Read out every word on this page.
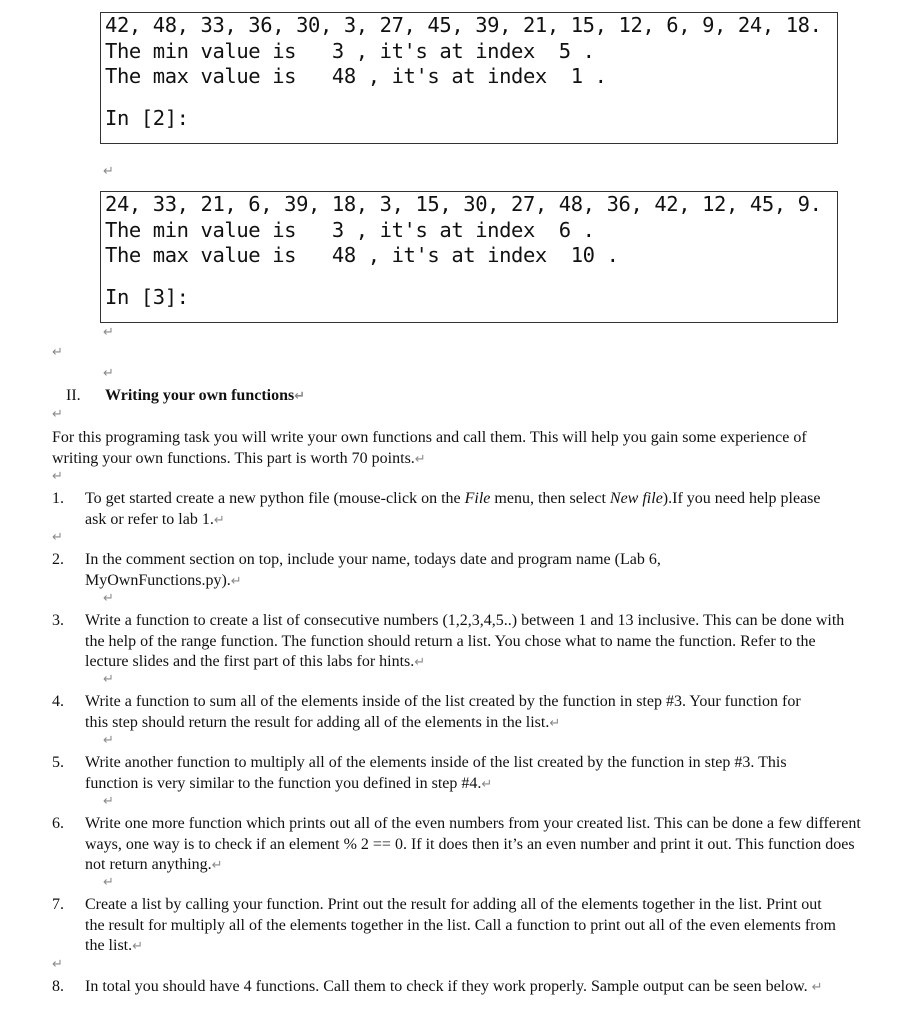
42, 48, 33, 36, 30, 3, 27, 45, 39, 21, 15, 12, 6, 9, 24, 18.
The min value is   3 , it's at index  5 .
The max value is   48 , it's at index  1 .
In [2]:
↵
24, 33, 21, 6, 39, 18, 3, 15, 30, 27, 48, 36, 42, 12, 45, 9.
The min value is   3 , it's at index  6 .
The max value is   48 , it's at index  10 .
In [3]:
↵
↵
↵
II. Writing your own functions↵
↵
For this programing task you will write your own functions and call them. This will help you gain some experience of writing your own functions. This part is worth 70 points.↵
↵
1. To get started create a new python file (mouse-click on the File menu, then select New file).If you need help please ask or refer to lab 1.↵
↵
2. In the comment section on top, include your name, todays date and program name (Lab 6, MyOwnFunctions.py).↵
↵
3. Write a function to create a list of consecutive numbers (1,2,3,4,5..) between 1 and 13 inclusive. This can be done with the help of the range function. The function should return a list. You chose what to name the function. Refer to the lecture slides and the first part of this labs for hints.↵
↵
4. Write a function to sum all of the elements inside of the list created by the function in step #3. Your function for this step should return the result for adding all of the elements in the list.↵
↵
5. Write another function to multiply all of the elements inside of the list created by the function in step #3. This function is very similar to the function you defined in step #4.↵
↵
6. Write one more function which prints out all of the even numbers from your created list. This can be done a few different ways, one way is to check if an element % 2 == 0. If it does then it’s an even number and print it out. This function does not return anything.↵
↵
7. Create a list by calling your function. Print out the result for adding all of the elements together in the list. Print out the result for multiply all of the elements together in the list. Call a function to print out all of the even elements from the list.↵
↵
8. In total you should have 4 functions. Call them to check if they work properly. Sample output can be seen below. ↵
